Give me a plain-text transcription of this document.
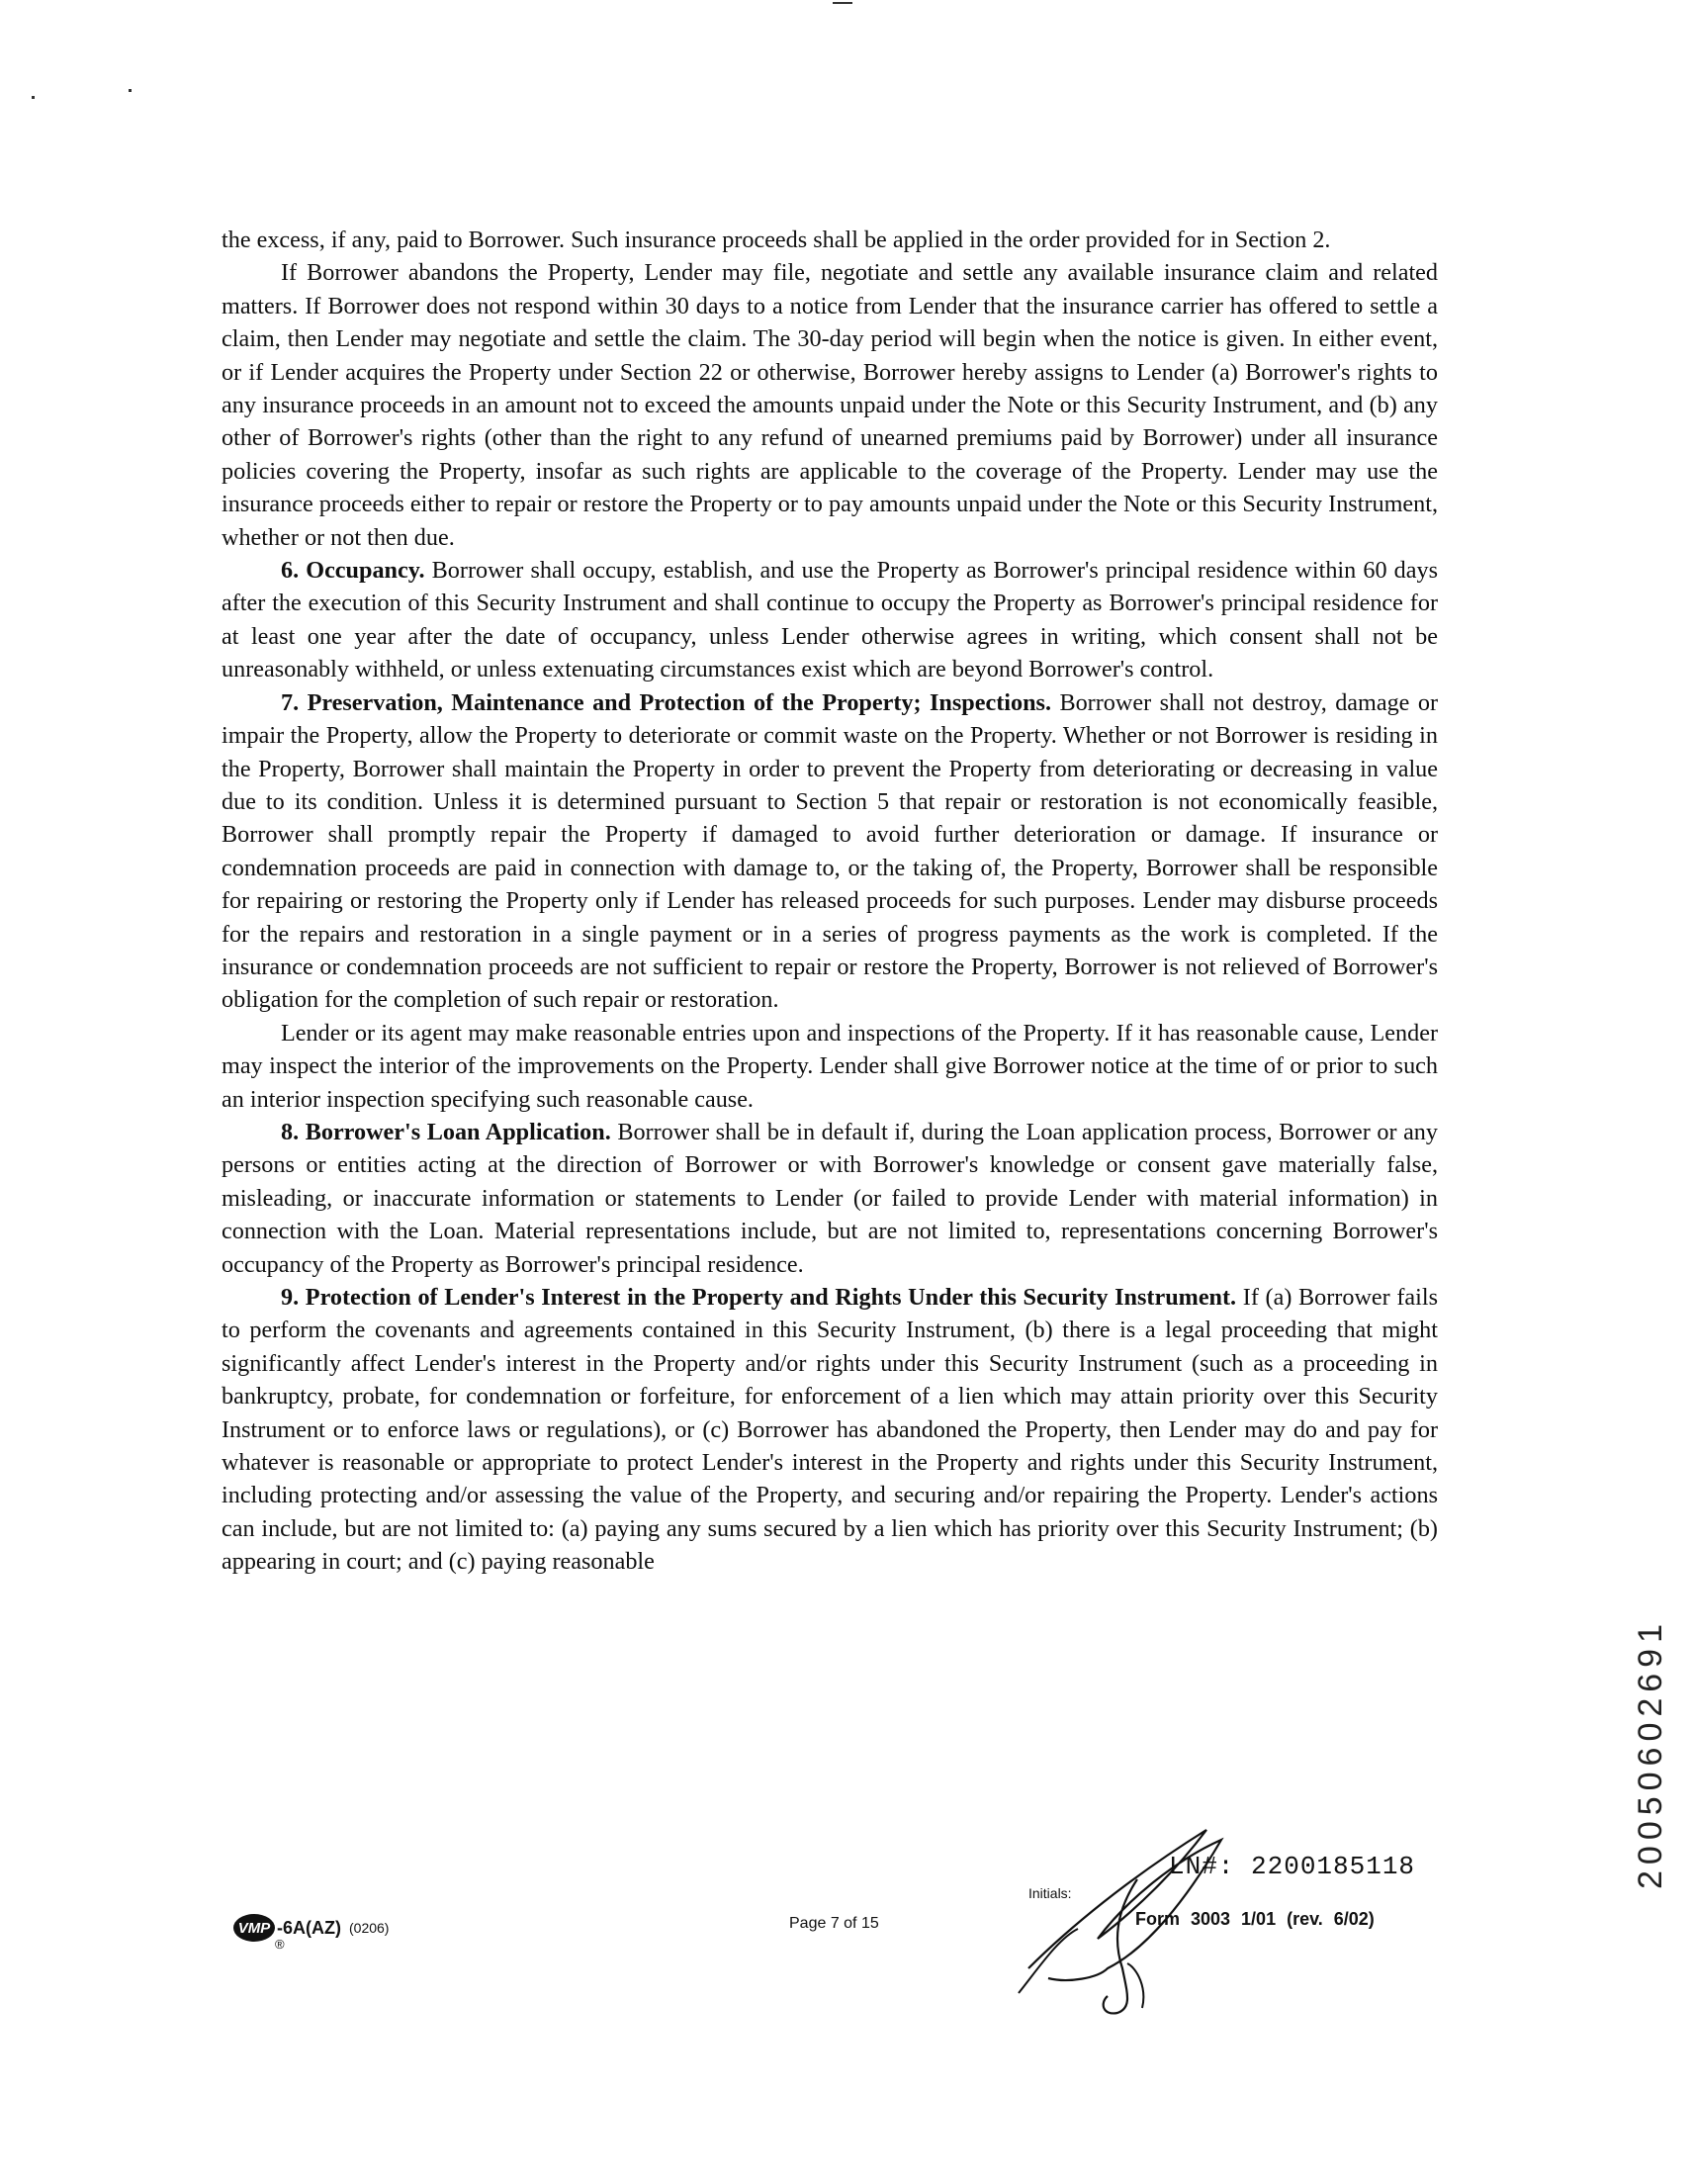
the excess, if any, paid to Borrower. Such insurance proceeds shall be applied in the order provided for in Section 2.

If Borrower abandons the Property, Lender may file, negotiate and settle any available insurance claim and related matters. If Borrower does not respond within 30 days to a notice from Lender that the insurance carrier has offered to settle a claim, then Lender may negotiate and settle the claim. The 30-day period will begin when the notice is given. In either event, or if Lender acquires the Property under Section 22 or otherwise, Borrower hereby assigns to Lender (a) Borrower's rights to any insurance proceeds in an amount not to exceed the amounts unpaid under the Note or this Security Instrument, and (b) any other of Borrower's rights (other than the right to any refund of unearned premiums paid by Borrower) under all insurance policies covering the Property, insofar as such rights are applicable to the coverage of the Property. Lender may use the insurance proceeds either to repair or restore the Property or to pay amounts unpaid under the Note or this Security Instrument, whether or not then due.

6. Occupancy. Borrower shall occupy, establish, and use the Property as Borrower's principal residence within 60 days after the execution of this Security Instrument and shall continue to occupy the Property as Borrower's principal residence for at least one year after the date of occupancy, unless Lender otherwise agrees in writing, which consent shall not be unreasonably withheld, or unless extenuating circumstances exist which are beyond Borrower's control.

7. Preservation, Maintenance and Protection of the Property; Inspections. Borrower shall not destroy, damage or impair the Property, allow the Property to deteriorate or commit waste on the Property. Whether or not Borrower is residing in the Property, Borrower shall maintain the Property in order to prevent the Property from deteriorating or decreasing in value due to its condition. Unless it is determined pursuant to Section 5 that repair or restoration is not economically feasible, Borrower shall promptly repair the Property if damaged to avoid further deterioration or damage. If insurance or condemnation proceeds are paid in connection with damage to, or the taking of, the Property, Borrower shall be responsible for repairing or restoring the Property only if Lender has released proceeds for such purposes. Lender may disburse proceeds for the repairs and restoration in a single payment or in a series of progress payments as the work is completed. If the insurance or condemnation proceeds are not sufficient to repair or restore the Property, Borrower is not relieved of Borrower's obligation for the completion of such repair or restoration.

Lender or its agent may make reasonable entries upon and inspections of the Property. If it has reasonable cause, Lender may inspect the interior of the improvements on the Property. Lender shall give Borrower notice at the time of or prior to such an interior inspection specifying such reasonable cause.

8. Borrower's Loan Application. Borrower shall be in default if, during the Loan application process, Borrower or any persons or entities acting at the direction of Borrower or with Borrower's knowledge or consent gave materially false, misleading, or inaccurate information or statements to Lender (or failed to provide Lender with material information) in connection with the Loan. Material representations include, but are not limited to, representations concerning Borrower's occupancy of the Property as Borrower's principal residence.

9. Protection of Lender's Interest in the Property and Rights Under this Security Instrument. If (a) Borrower fails to perform the covenants and agreements contained in this Security Instrument, (b) there is a legal proceeding that might significantly affect Lender's interest in the Property and/or rights under this Security Instrument (such as a proceeding in bankruptcy, probate, for condemnation or forfeiture, for enforcement of a lien which may attain priority over this Security Instrument or to enforce laws or regulations), or (c) Borrower has abandoned the Property, then Lender may do and pay for whatever is reasonable or appropriate to protect Lender's interest in the Property and rights under this Security Instrument, including protecting and/or assessing the value of the Property, and securing and/or repairing the Property. Lender's actions can include, but are not limited to: (a) paying any sums secured by a lien which has priority over this Security Instrument; (b) appearing in court; and (c) paying reasonable

20050602691
VMP -6A(AZ) (0206)
®
Page 7 of 15
Initials:
LN#: 2200185118
Form 3003 1/01 (rev. 6/02)
